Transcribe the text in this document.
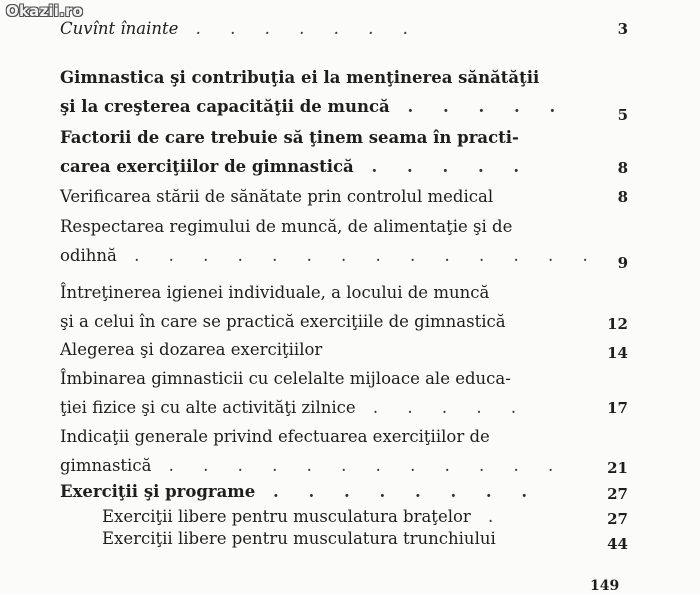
Okazii.ro
Cuvînt înainte . . . . . . .	3
Gimnastica şi contribuţia ei la menţinerea sănătăţii
şi la creşterea capacităţii de muncă . . . . .	5
Factorii de care trebuie să ţinem seama în practi-
carea exerciţiilor de gimnastică . . . . .	8
Verificarea stării de sănătate prin controlul medical	8
Respectarea regimului de muncă, de alimentaţie şi de
odihnă . . . . . . . . . . . . . .	9
Întreţinerea igienei individuale, a locului de muncă
şi a celui în care se practică exerciţiile de gimnastică	12
Alegerea şi dozarea exerciţiilor	14
Îmbinarea gimnasticii cu celelalte mijloace ale educa-
ţiei fizice şi cu alte activităţi zilnice . . . . .	17
Indicaţii generale privind efectuarea exerciţiilor de
gimnastică . . . . . . . . . . . .	21
Exerciţii şi programe . . . . . . . .	27
Exerciţii libere pentru musculatura braţelor .	27
Exerciţii libere pentru musculatura trunchiului	44
149
